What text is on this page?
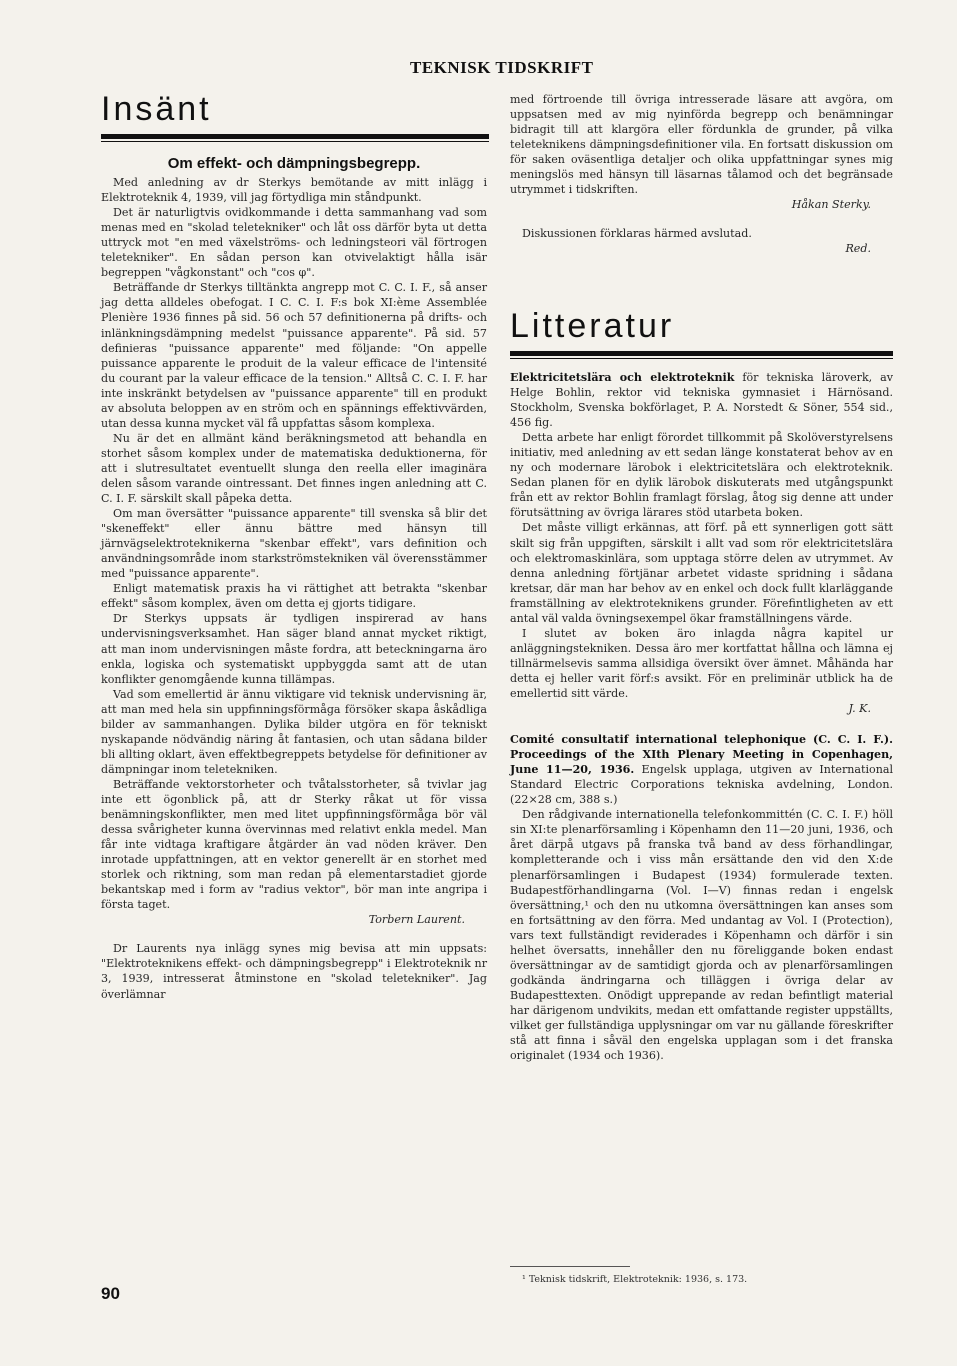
TEKNISK TIDSKRIFT
Insänt
Om effekt- och dämpningsbegrepp.

Med anledning av dr Sterkys bemötande av mitt inlägg i Elektroteknik 4, 1939, vill jag förtydliga min ståndpunkt.

Det är naturligtvis ovidkommande i detta sammanhang vad som menas med en "skolad teletekniker" och låt oss därför byta ut detta uttryck mot "en med växelströms- och ledningsteori väl förtrogen teletekniker". En sådan person kan otvivelaktigt hålla isär begreppen "vågkonstant" och "cos φ".

Beträffande dr Sterkys tilltänkta angrepp mot C. C. I. F., så anser jag detta alldeles obefogat. I C. C. I. F:s bok XI:ème Assemblée Plenière 1936 finnes på sid. 56 och 57 definitionerna på drifts- och inlänkningsdämpning medelst "puissance apparente". På sid. 57 definieras "puissance apparente" med följande: "On appelle puissance apparente le produit de la valeur efficace de l'intensité du courant par la valeur efficace de la tension." Alltså C. C. I. F. har inte inskränkt betydelsen av "puissance apparente" till en produkt av absoluta beloppen av en ström och en spännings effektivvärden, utan dessa kunna mycket väl få uppfattas såsom komplexa.

Nu är det en allmänt känd beräkningsmetod att behandla en storhet såsom komplex under de matematiska deduktionerna, för att i slutresultatet eventuellt slunga den reella eller imaginära delen såsom varande ointressant. Det finnes ingen anledning att C. C. I. F. särskilt skall påpeka detta.

Om man översätter "puissance apparente" till svenska så blir det "skeneffekt" eller ännu bättre med hänsyn till järnvägselektroteknikerna "skenbar effekt", vars definition och användningsområde inom starkströmstekniken väl överensstämmer med "puissance apparente".

Enligt matematisk praxis ha vi rättighet att betrakta "skenbar effekt" såsom komplex, även om detta ej gjorts tidigare.

Dr Sterkys uppsats är tydligen inspirerad av hans undervisningsverksamhet. Han säger bland annat mycket riktigt, att man inom undervisningen måste fordra, att beteckningarna äro enkla, logiska och systematiskt uppbyggda samt att de utan konflikter genomgående kunna tillämpas.

Vad som emellertid är ännu viktigare vid teknisk undervisning är, att man med hela sin uppfinningsförmåga försöker skapa åskådliga bilder av sammanhangen. Dylika bilder utgöra en för tekniskt nyskapande nödvändig näring åt fantasien, och utan sådana bilder bli allting oklart, även effektbegreppets betydelse för definitioner av dämpningar inom teletekniken.

Beträffande vektorstorheter och tvåtalsstorheter, så tvivlar jag inte ett ögonblick på, att dr Sterky råkat ut för vissa benämningskonflikter, men med litet uppfinningsförmåga bör väl dessa svårigheter kunna övervinnas med relativt enkla medel. Man får inte vidtaga kraftigare åtgärder än vad nöden kräver. Den inrotade uppfattningen, att en vektor generellt är en storhet med storlek och riktning, som man redan på elementarstadiet gjorde bekantskap med i form av "radius vektor", bör man inte angripa i första taget.

Torbern Laurent.

Dr Laurents nya inlägg synes mig bevisa att min uppsats: "Elektroteknikens effekt- och dämpningsbegrepp" i Elektroteknik nr 3, 1939, intresserat åtminstone en "skolad teletekniker". Jag överlämnar

med förtroende till övriga intresserade läsare att avgöra, om uppsatsen med av mig nyinförda begrepp och benämningar bidragit till att klargöra eller fördunkla de grunder, på vilka teleteknikens dämpningsdefinitioner vila. En fortsatt diskussion om för saken oväsentliga detaljer och olika uppfattningar synes mig meningslös med hänsyn till läsarnas tålamod och det begränsade utrymmet i tidskriften.

Håkan Sterky.

Diskussionen förklaras härmed avslutad.

Red.

Litteratur

Elektricitetslära och elektroteknik för tekniska läroverk, av Helge Bohlin, rektor vid tekniska gymnasiet i Härnösand. Stockholm, Svenska bokförlaget, P. A. Norstedt & Söner, 554 sid., 456 fig.

Detta arbete har enligt förordet tillkommit på Skolöverstyrelsens initiativ, med anledning av ett sedan länge konstaterat behov av en ny och modernare lärobok i elektricitetslära och elektroteknik. Sedan planen för en dylik lärobok diskuterats med utgångspunkt från ett av rektor Bohlin framlagt förslag, åtog sig denne att under förutsättning av övriga lärares stöd utarbeta boken.

Det måste villigt erkännas, att förf. på ett synnerligen gott sätt skilt sig från uppgiften, särskilt i allt vad som rör elektricitetslära och elektromaskinlära, som upptaga större delen av utrymmet. Av denna anledning förtjänar arbetet vidaste spridning i sådana kretsar, där man har behov av en enkel och dock fullt klarläggande framställning av elektroteknikens grunder. Förefintligheten av ett antal väl valda övningsexempel ökar framställningens värde.

I slutet av boken äro inlagda några kapitel ur anläggningstekniken. Dessa äro mer kortfattat hållna och lämna ej tillnärmelsevis samma allsidiga översikt över ämnet. Måhända har detta ej heller varit förf:s avsikt. För en preliminär utblick ha de emellertid sitt värde.

J. K.

Comité consultatif international telephonique (C. C. I. F.). Proceedings of the XIth Plenary Meeting in Copenhagen, June 11—20, 1936. Engelsk upplaga, utgiven av International Standard Electric Corporations tekniska avdelning, London. (22×28 cm, 388 s.)

Den rådgivande internationella telefonkommittén (C. C. I. F.) höll sin XI:te plenarförsamling i Köpenhamn den 11—20 juni, 1936, och året därpå utgavs på franska två band av dess förhandlingar, kompletterande och i viss mån ersättande den vid den X:de plenarförsamlingen i Budapest (1934) formulerade texten. Budapestförhandlingarna (Vol. I—V) finnas redan i engelsk översättning,¹ och den nu utkomna översättningen kan anses som en fortsättning av den förra. Med undantag av Vol. I (Protection), vars text fullständigt reviderades i Köpenhamn och därför i sin helhet översatts, innehåller den nu föreliggande boken endast översättningar av de samtidigt gjorda och av plenarförsamlingen godkända ändringarna och tilläggen i övriga delar av Budapesttexten. Onödigt upprepande av redan befintligt material har därigenom undvikits, medan ett omfattande register uppställts, vilket ger fullständiga upplysningar om var nu gällande föreskrifter stå att finna i såväl den engelska upplagan som i det franska originalet (1934 och 1936).

¹ Teknisk tidskrift, Elektroteknik: 1936, s. 173.
90
